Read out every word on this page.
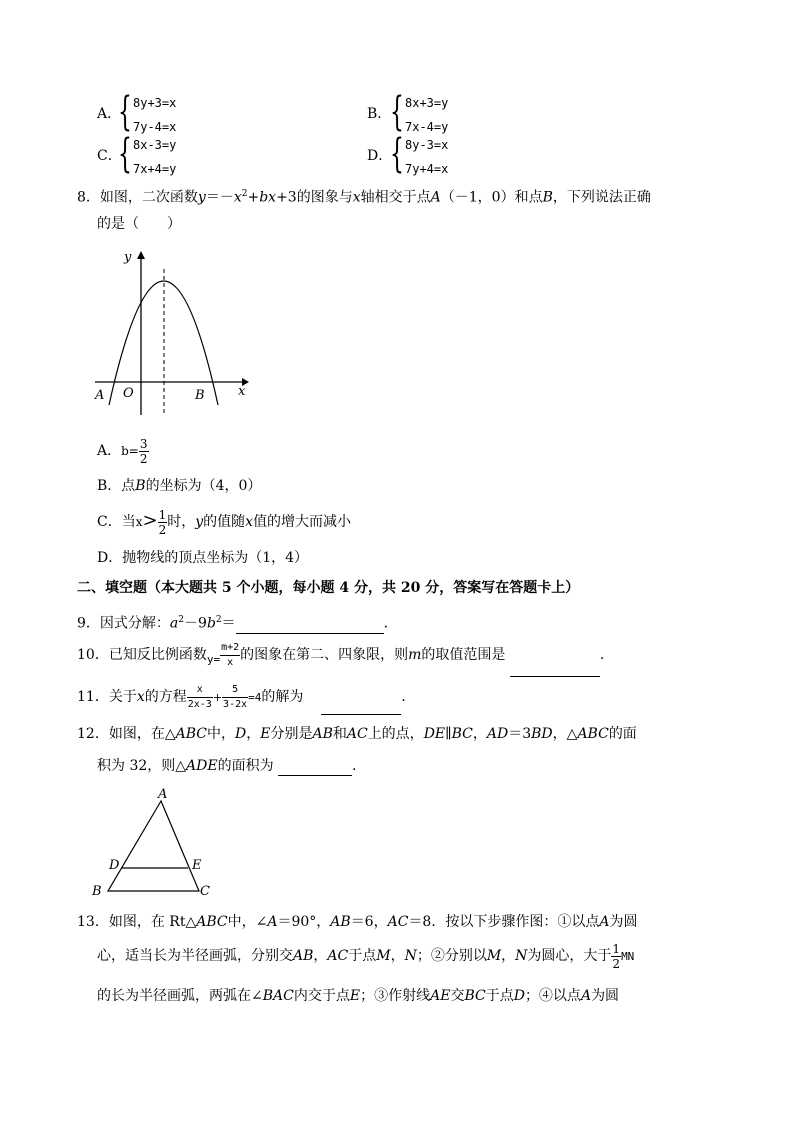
A．
{ 8y+3=x
7y-4=x
B．
{ 8x+3=y
7x-4=y
C．
{ 8x-3=y
7x+4=y
D．
{ 8y-3=x
7y+4=x
8．如图，二次函数$y=-x^2+bx+3$的图象与x轴相交于点A（－1，0）和点B，下列说法正确
的是（　　）
y
x
A O	B
A．$b= \frac{3}{2}$
B．点B的坐标为（4，0）
C．当$x> \frac{1}{2}$ 时，y的值随x值的增大而减小
D．抛物线的顶点坐标为（1，4）
二、填空题（本大题共 5 个小题，每小题 4 分，共 20 分，答案写在答题卡上）
9．因式分解：$a^2-9b^2=$	.
10．已知反比例函数$_{y=} \frac{m+2}{x}$ 的图象在第二、四象限，则m的取值范围是	.
11．关于x的方程 $\frac{x}{2x-3} + \frac{5}{3-2x} =4$的解为	.
12．如图，在△ABC中，D，E分别是AB和AC上的点，DE∥BC，AD＝3BD，△ABC的面
积为 32，则△ADE的面积为	.
A
B	C
D	E
13．如图，在 Rt△ABC中，∠A＝90°，AB＝6，AC＝8．按以下步骤作图：①以点A为圆
心，适当长为半径画弧，分别交AB，AC于点M，N；②分别以M，N为圆心，大于 $\frac{1}{2}$ MN
的长为半径画弧，两弧在∠BAC内交于点E；③作射线AE交BC于点D；④以点A为圆
